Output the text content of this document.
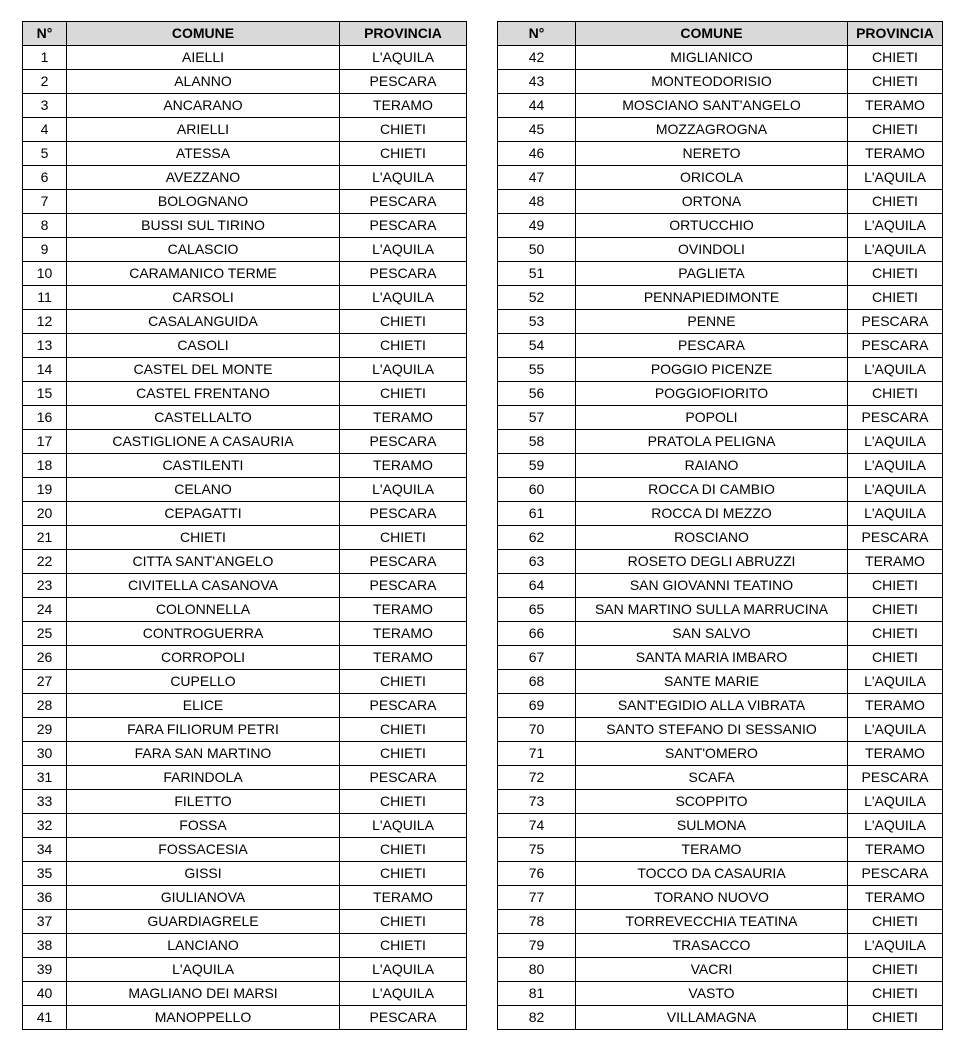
N°	COMUNE	PROVINCIA
1	AIELLI	L'AQUILA
2	ALANNO	PESCARA
3	ANCARANO	TERAMO
4	ARIELLI	CHIETI
5	ATESSA	CHIETI
6	AVEZZANO	L'AQUILA
7	BOLOGNANO	PESCARA
8	BUSSI SUL TIRINO	PESCARA
9	CALASCIO	L'AQUILA
10	CARAMANICO TERME	PESCARA
11	CARSOLI	L'AQUILA
12	CASALANGUIDA	CHIETI
13	CASOLI	CHIETI
14	CASTEL DEL MONTE	L'AQUILA
15	CASTEL FRENTANO	CHIETI
16	CASTELLALTO	TERAMO
17	CASTIGLIONE A CASAURIA	PESCARA
18	CASTILENTI	TERAMO
19	CELANO	L'AQUILA
20	CEPAGATTI	PESCARA
21	CHIETI	CHIETI
22	CITTA SANT'ANGELO	PESCARA
23	CIVITELLA CASANOVA	PESCARA
24	COLONNELLA	TERAMO
25	CONTROGUERRA	TERAMO
26	CORROPOLI	TERAMO
27	CUPELLO	CHIETI
28	ELICE	PESCARA
29	FARA FILIORUM PETRI	CHIETI
30	FARA SAN MARTINO	CHIETI
31	FARINDOLA	PESCARA
33	FILETTO	CHIETI
32	FOSSA	L'AQUILA
34	FOSSACESIA	CHIETI
35	GISSI	CHIETI
36	GIULIANOVA	TERAMO
37	GUARDIAGRELE	CHIETI
38	LANCIANO	CHIETI
39	L'AQUILA	L'AQUILA
40	MAGLIANO DEI MARSI	L'AQUILA
41	MANOPPELLO	PESCARA
N°	COMUNE	PROVINCIA
42	MIGLIANICO	CHIETI
43	MONTEODORISIO	CHIETI
44	MOSCIANO SANT'ANGELO	TERAMO
45	MOZZAGROGNA	CHIETI
46	NERETO	TERAMO
47	ORICOLA	L'AQUILA
48	ORTONA	CHIETI
49	ORTUCCHIO	L'AQUILA
50	OVINDOLI	L'AQUILA
51	PAGLIETA	CHIETI
52	PENNAPIEDIMONTE	CHIETI
53	PENNE	PESCARA
54	PESCARA	PESCARA
55	POGGIO PICENZE	L'AQUILA
56	POGGIOFIORITO	CHIETI
57	POPOLI	PESCARA
58	PRATOLA PELIGNA	L'AQUILA
59	RAIANO	L'AQUILA
60	ROCCA DI CAMBIO	L'AQUILA
61	ROCCA DI MEZZO	L'AQUILA
62	ROSCIANO	PESCARA
63	ROSETO DEGLI ABRUZZI	TERAMO
64	SAN GIOVANNI TEATINO	CHIETI
65	SAN MARTINO SULLA MARRUCINA	CHIETI
66	SAN SALVO	CHIETI
67	SANTA MARIA IMBARO	CHIETI
68	SANTE MARIE	L'AQUILA
69	SANT'EGIDIO ALLA VIBRATA	TERAMO
70	SANTO STEFANO DI SESSANIO	L'AQUILA
71	SANT'OMERO	TERAMO
72	SCAFA	PESCARA
73	SCOPPITO	L'AQUILA
74	SULMONA	L'AQUILA
75	TERAMO	TERAMO
76	TOCCO DA CASAURIA	PESCARA
77	TORANO NUOVO	TERAMO
78	TORREVECCHIA TEATINA	CHIETI
79	TRASACCO	L'AQUILA
80	VACRI	CHIETI
81	VASTO	CHIETI
82	VILLAMAGNA	CHIETI
